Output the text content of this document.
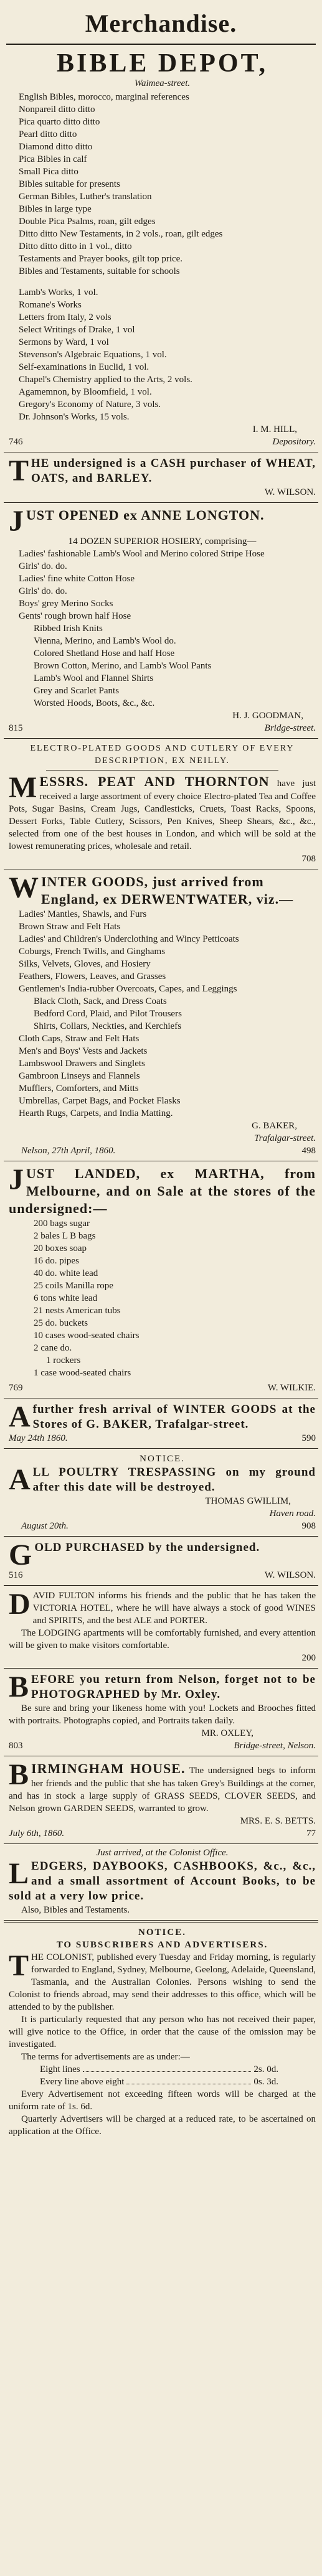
Merchandise.
BIBLE DEPOT,
Waimea-street.
English Bibles, morocco, marginal references
Nonpareil ditto ditto
Pica quarto ditto ditto
Pearl ditto ditto
Diamond ditto ditto
Pica Bibles in calf
Small Pica ditto
Bibles suitable for presents
German Bibles, Luther's translation
Bibles in large type
Double Pica Psalms, roan, gilt edges
Ditto ditto New Testaments, in 2 vols., roan, gilt edges
Ditto ditto ditto in 1 vol., ditto
Testaments and Prayer books, gilt top price.
Bibles and Testaments, suitable for schools
Lamb's Works, 1 vol.
Romane's Works
Letters from Italy, 2 vols
Select Writings of Drake, 1 vol
Sermons by Ward, 1 vol
Stevenson's Algebraic Equations, 1 vol.
Self-examinations in Euclid, 1 vol.
Chapel's Chemistry applied to the Arts, 2 vols.
Agamemnon, by Bloomfield, 1 vol.
Gregory's Economy of Nature, 3 vols.
Dr. Johnson's Works, 15 vols.
I. M. HILL,
746	Depository.
T HE undersigned is a CASH purchaser of WHEAT, OATS, and BARLEY.
W. WILSON.
J UST OPENED ex ANNE LONGTON.
14 DOZEN SUPERIOR HOSIERY, comprising—
Ladies' fashionable Lamb's Wool and Merino colored Stripe Hose
Girls' do. do.
Ladies' fine white Cotton Hose
Girls' do. do.
Boys' grey Merino Socks
Gents' rough brown half Hose
Ribbed Irish Knits
Vienna, Merino, and Lamb's Wool do.
Colored Shetland Hose and half Hose
Brown Cotton, Merino, and Lamb's Wool Pants
Lamb's Wool and Flannel Shirts
Grey and Scarlet Pants
Worsted Hoods, Boots, &c., &c.
H. J. GOODMAN,
815	Bridge-street.
ELECTRO-PLATED GOODS AND CUTLERY OF EVERY DESCRIPTION, EX NEILLY.
M ESSRS. PEAT AND THORNTON have just received a large assortment of every choice Electro-plated Tea and Coffee Pots, Sugar Basins, Cream Jugs, Candlesticks, Cruets, Toast Racks, Spoons, Dessert Forks, Table Cutlery, Scissors, Pen Knives, Sheep Shears, &c., &c., selected from one of the best houses in London, and which will be sold at the lowest remunerating prices, wholesale and retail.
708
W INTER GOODS, just arrived from England, ex DERWENTWATER, viz.—
Ladies' Mantles, Shawls, and Furs
Brown Straw and Felt Hats
Ladies' and Children's Underclothing and Wincy Petticoats
Coburgs, French Twills, and Ginghams
Silks, Velvets, Gloves, and Hosiery
Feathers, Flowers, Leaves, and Grasses
Gentlemen's India-rubber Overcoats, Capes, and Leggings
Black Cloth, Sack, and Dress Coats
Bedford Cord, Plaid, and Pilot Trousers
Shirts, Collars, Neckties, and Kerchiefs
Cloth Caps, Straw and Felt Hats
Men's and Boys' Vests and Jackets
Lambswool Drawers and Singlets
Gambroon Linseys and Flannels
Mufflers, Comforters, and Mitts
Umbrellas, Carpet Bags, and Pocket Flasks
Hearth Rugs, Carpets, and India Matting.
G. BAKER,
Trafalgar-street.
Nelson, 27th April, 1860.	498
J UST LANDED, ex MARTHA, from Melbourne, and on Sale at the stores of the undersigned:—
200 bags sugar
2 bales L B bags
20 boxes soap
16 do. pipes
40 do. white lead
25 coils Manilla rope
6 tons white lead
21 nests American tubs
25 do. buckets
10 cases wood-seated chairs
2 cane do.
1 rockers
1 case wood-seated chairs
769	W. WILKIE.
A further fresh arrival of WINTER GOODS at the Stores of G. BAKER, Trafalgar-street.
May 24th 1860.	590
NOTICE.
A LL POULTRY TRESPASSING on my ground after this date will be destroyed.
THOMAS GWILLIM,
Haven road.
August 20th.	908
G OLD PURCHASED by the undersigned.
516	W. WILSON.
D AVID FULTON informs his friends and the public that he has taken the VICTORIA HOTEL, where he will have always a stock of good WINES and SPIRITS, and the best ALE and PORTER.
The LODGING apartments will be comfortably furnished, and every attention will be given to make visitors comfortable.
200
B EFORE you return from Nelson, forget not to be PHOTOGRAPHED by Mr. Oxley.
Be sure and bring your likeness home with you! Lockets and Brooches fitted with portraits. Photographs copied, and Portraits taken daily.
MR. OXLEY,
803	Bridge-street, Nelson.
B IRMINGHAM HOUSE. The undersigned begs to inform her friends and the public that she has taken Grey's Buildings at the corner, and has in stock a large supply of GRASS SEEDS, CLOVER SEEDS, and Nelson grown GARDEN SEEDS, warranted to grow.
MRS. E. S. BETTS.
July 6th, 1860.	77
Just arrived, at the Colonist Office.
L EDGERS, DAYBOOKS, CASHBOOKS, &c., &c., and a small assortment of Account Books, to be sold at a very low price.
Also, Bibles and Testaments.
NOTICE.
TO SUBSCRIBERS AND ADVERTISERS.
T HE COLONIST, published every Tuesday and Friday morning, is regularly forwarded to England, Sydney, Melbourne, Geelong, Adelaide, Queensland, Tasmania, and the Australian Colonies. Persons wishing to send the Colonist to friends abroad, may send their addresses to this office, which will be attended to by the publisher.
It is particularly requested that any person who has not received their paper, will give notice to the Office, in order that the cause of the omission may be investigated.
The terms for advertisements are as under:—
Eight lines	2s. 0d.
Every line above eight	0s. 3d.
Every Advertisement not exceeding fifteen words will be charged at the uniform rate of 1s. 6d.
Quarterly Advertisers will be charged at a reduced rate, to be ascertained on application at the Office.
